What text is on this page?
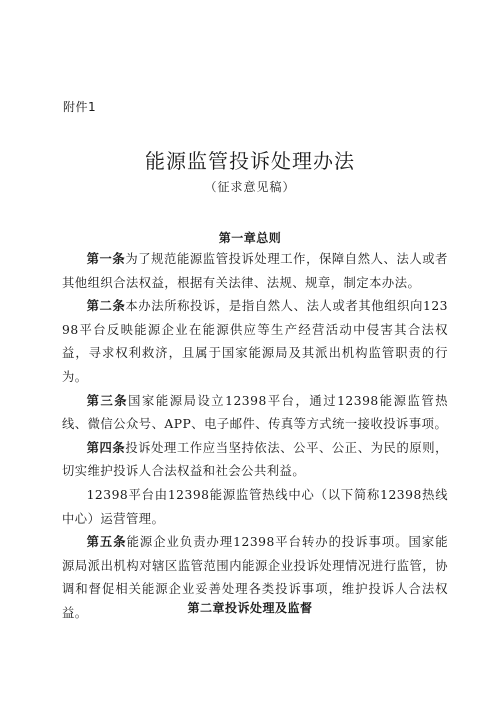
附件1
能源监管投诉处理办法
（征求意见稿）
第一章总则

第一条为了规范能源监管投诉处理工作，保障自然人、法人或者其他组织合法权益，根据有关法律、法规、规章，制定本办法。

第二条本办法所称投诉，是指自然人、法人或者其他组织向12398平台反映能源企业在能源供应等生产经营活动中侵害其合法权益，寻求权利救济，且属于国家能源局及其派出机构监管职责的行为。

第三条国家能源局设立12398平台，通过12398能源监管热线、微信公众号、APP、电子邮件、传真等方式统一接收投诉事项。

第四条投诉处理工作应当坚持依法、公平、公正、为民的原则，切实维护投诉人合法权益和社会公共利益。

12398平台由12398能源监管热线中心（以下简称12398热线中心）运营管理。

第五条能源企业负责办理12398平台转办的投诉事项。国家能源局派出机构对辖区监管范围内能源企业投诉处理情况进行监管，协调和督促相关能源企业妥善处理各类投诉事项，维护投诉人合法权益。	第二章投诉处理及监督
